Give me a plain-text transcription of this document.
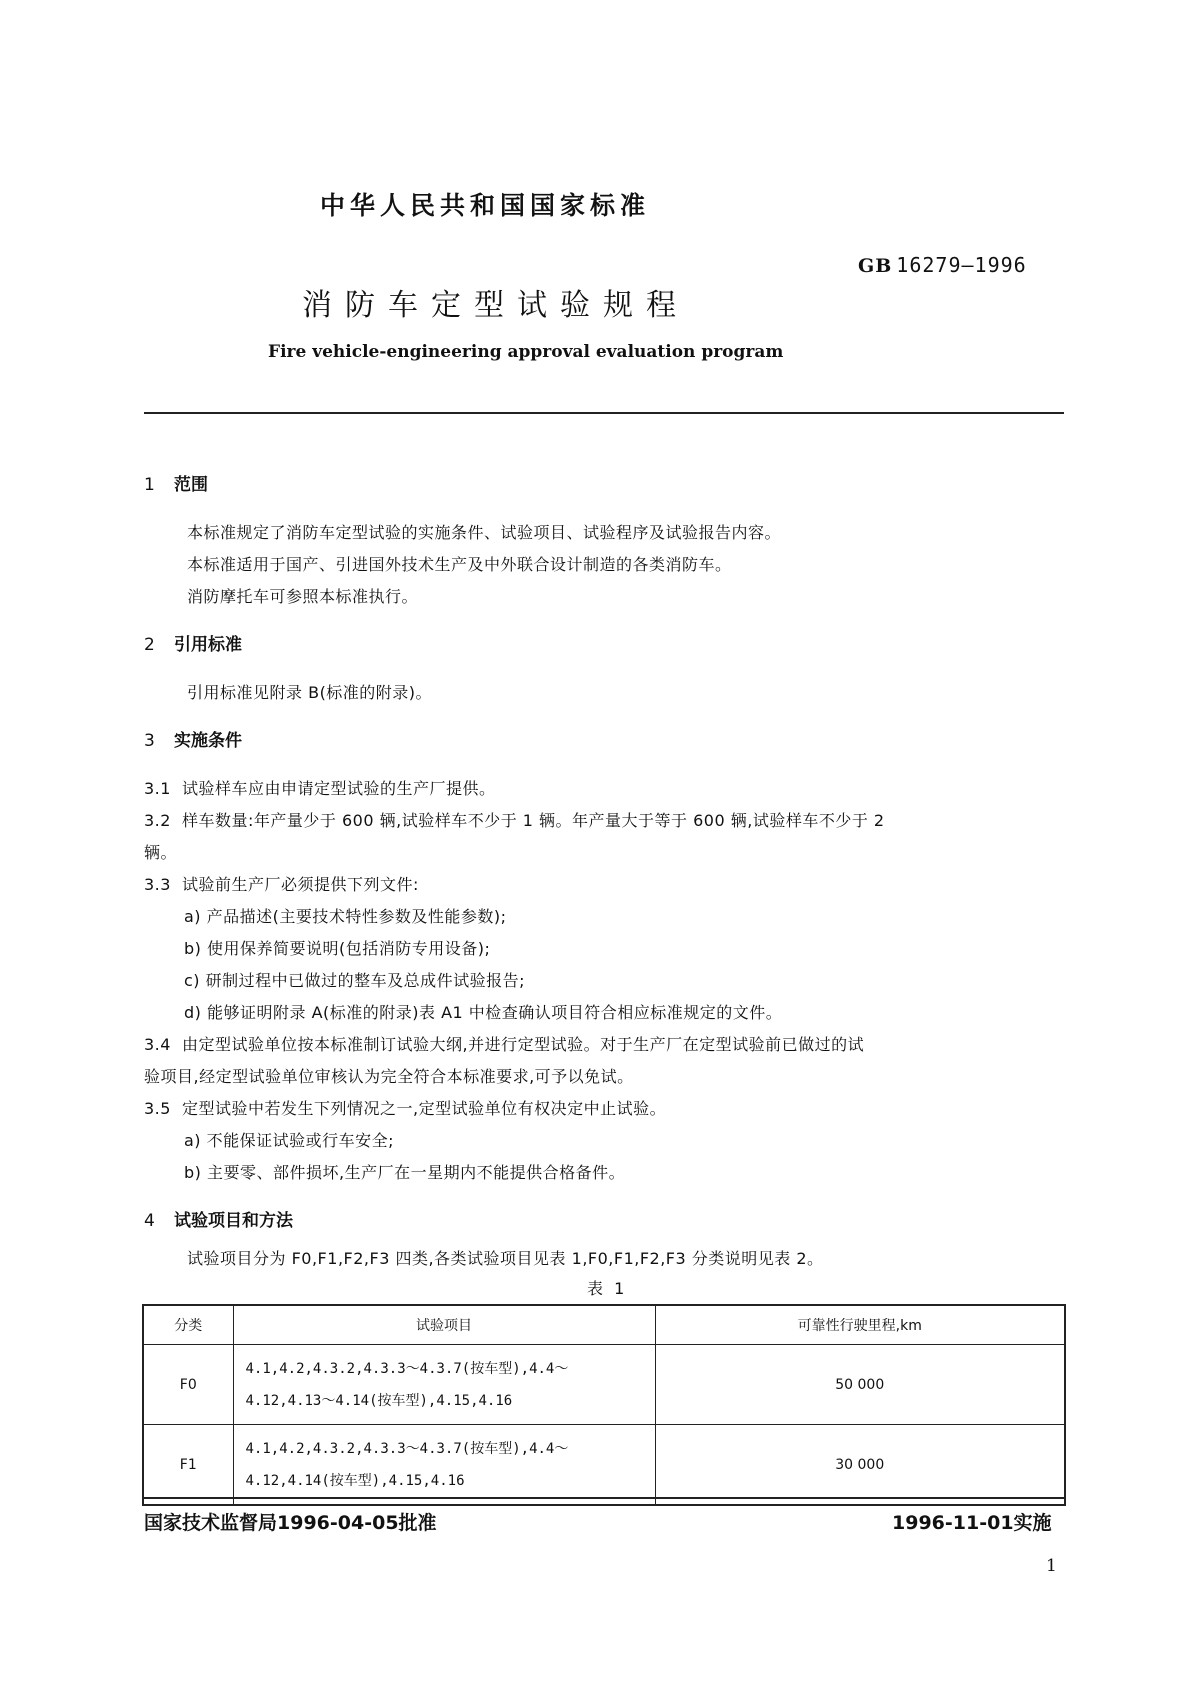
中华人民共和国国家标准
GB 16279—1996
消防车定型试验规程
Fire vehicle-engineering approval evaluation program
1 范围
本标准规定了消防车定型试验的实施条件、试验项目、试验程序及试验报告内容。
本标准适用于国产、引进国外技术生产及中外联合设计制造的各类消防车。
消防摩托车可参照本标准执行。
2 引用标准
引用标准见附录 B(标准的附录)。
3 实施条件
3.1 试验样车应由申请定型试验的生产厂提供。
3.2 样车数量:年产量少于 600 辆,试验样车不少于 1 辆。年产量大于等于 600 辆,试验样车不少于 2
辆。
3.3 试验前生产厂必须提供下列文件:
a) 产品描述(主要技术特性参数及性能参数);
b) 使用保养简要说明(包括消防专用设备);
c) 研制过程中已做过的整车及总成件试验报告;
d) 能够证明附录 A(标准的附录)表 A1 中检查确认项目符合相应标准规定的文件。
3.4 由定型试验单位按本标准制订试验大纲,并进行定型试验。对于生产厂在定型试验前已做过的试
验项目,经定型试验单位审核认为完全符合本标准要求,可予以免试。
3.5 定型试验中若发生下列情况之一,定型试验单位有权决定中止试验。
a) 不能保证试验或行车安全;
b) 主要零、部件损坏,生产厂在一星期内不能提供合格备件。
4 试验项目和方法
试验项目分为 F0,F1,F2,F3 四类,各类试验项目见表 1,F0,F1,F2,F3 分类说明见表 2。
表 1
分类	试验项目	可靠性行驶里程,km
F0	4.1,4.2,4.3.2,4.3.3～4.3.7(按车型),4.4～
4.12,4.13～4.14(按车型),4.15,4.16	50 000
F1	4.1,4.2,4.3.2,4.3.3～4.3.7(按车型),4.4～
4.12,4.14(按车型),4.15,4.16	30 000
国家技术监督局1996-04-05批准	1996-11-01实施
1
